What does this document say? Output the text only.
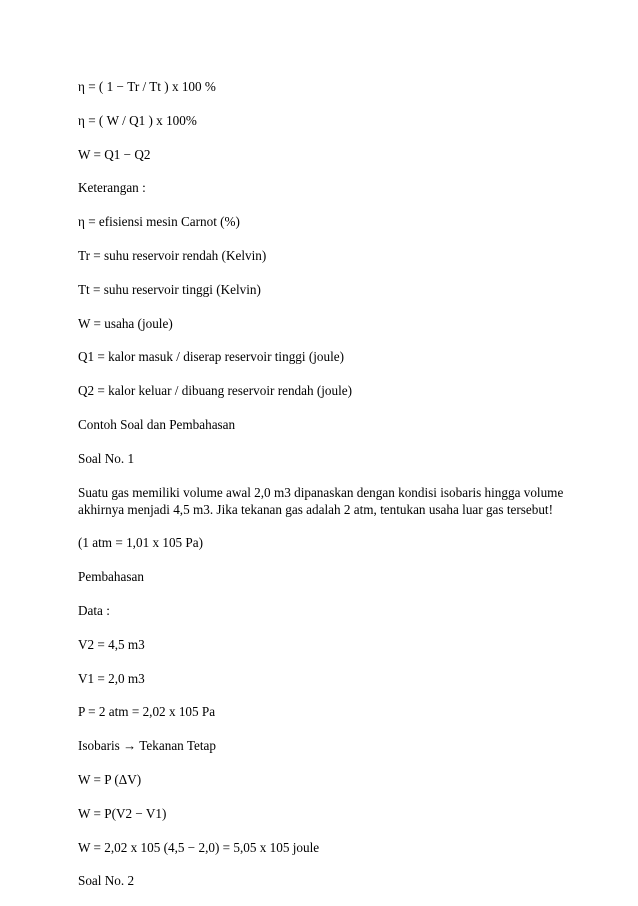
η = ( 1 − Tr / Tt ) x 100 %

η = ( W / Q1 ) x 100%

W = Q1 − Q2

Keterangan :

η = efisiensi mesin Carnot (%)

Tr = suhu reservoir rendah (Kelvin)

Tt = suhu reservoir tinggi (Kelvin)

W = usaha (joule)

Q1 = kalor masuk / diserap reservoir tinggi (joule)

Q2 = kalor keluar / dibuang reservoir rendah (joule)

Contoh Soal dan Pembahasan

Soal No. 1

Suatu gas memiliki volume awal 2,0 m3 dipanaskan dengan kondisi isobaris hingga volume akhirnya menjadi 4,5 m3. Jika tekanan gas adalah 2 atm, tentukan usaha luar gas tersebut!

(1 atm = 1,01 x 105 Pa)

Pembahasan

Data :

V2 = 4,5 m3

V1 = 2,0 m3

P = 2 atm = 2,02 x 105 Pa

Isobaris → Tekanan Tetap

W = P (ΔV)

W = P(V2 − V1)

W = 2,02 x 105 (4,5 − 2,0) = 5,05 x 105 joule

Soal No. 2
